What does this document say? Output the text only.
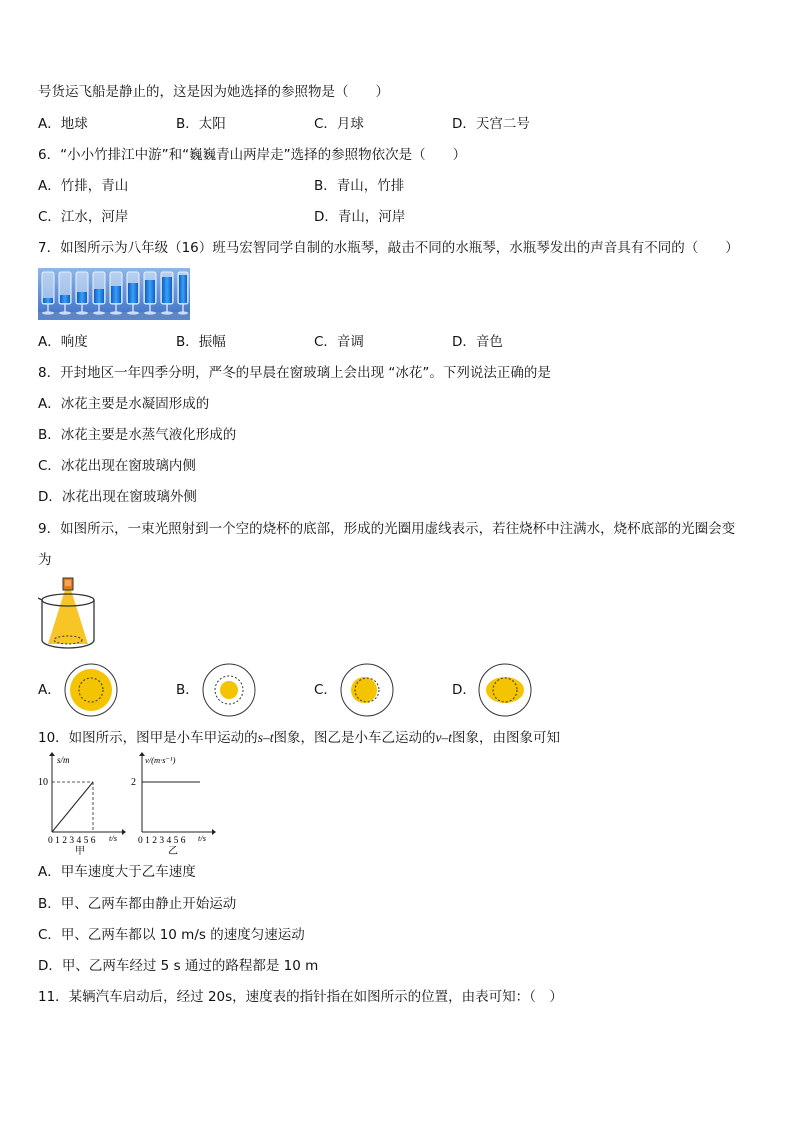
号货运飞船是静止的，这是因为她选择的参照物是（　　）
A．地球	B．太阳	C．月球	D．天宫二号
6．“小小竹排江中游”和“巍巍青山两岸走”选择的参照物依次是（　　）
A．竹排，青山	B．青山，竹排
C．江水，河岸	D．青山，河岸
7．如图所示为八年级（16）班马宏智同学自制的水瓶琴，敲击不同的水瓶琴，水瓶琴发出的声音具有不同的（　　）
A．响度	B．振幅	C．音调	D．音色
8．开封地区一年四季分明，严冬的早晨在窗玻璃上会出现 “冰花”。下列说法正确的是
A．冰花主要是水凝固形成的
B．冰花主要是水蒸气液化形成的
C．冰花出现在窗玻璃内侧
D．冰花出现在窗玻璃外侧
9．如图所示，一束光照射到一个空的烧杯的底部，形成的光圈用虚线表示，若往烧杯中注满水，烧杯底部的光圈会变
为
A．	B．	C．	D．
10．如图所示，图甲是小车甲运动的s–t图象，图乙是小车乙运动的v–t图象，由图象可知
s/m
10
0 1 2 3 4 5 6 t/s
甲
v/(m·s⁻¹)
2
0 1 2 3 4 5 6 t/s
乙
A．甲车速度大于乙车速度
B．甲、乙两车都由静止开始运动
C．甲、乙两车都以 10 m/s 的速度匀速运动
D．甲、乙两车经过 5 s 通过的路程都是 10 m
11．某辆汽车启动后，经过 20s，速度表的指针指在如图所示的位置，由表可知：（　）
